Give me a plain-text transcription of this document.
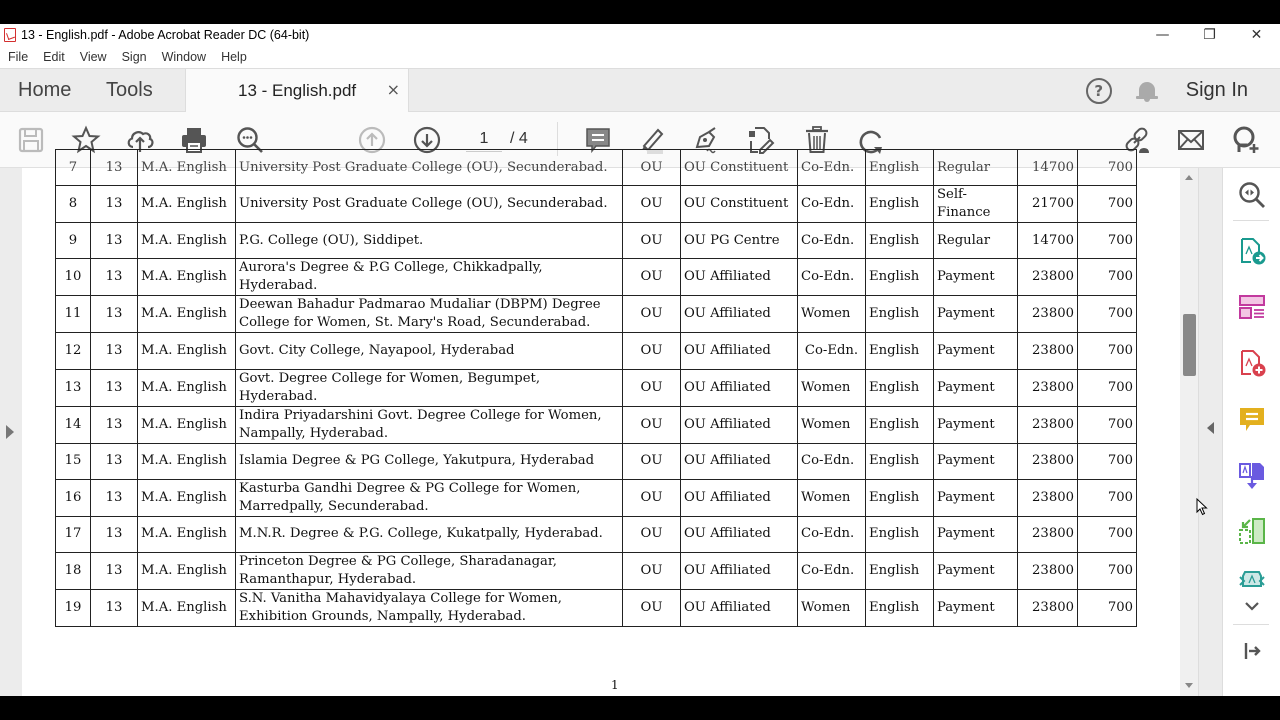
13 - English.pdf - Adobe Acrobat Reader DC (64-bit)	—	❐	✕
File	Edit	View	Sign	Window	Help
Home Tools	13 - English.pdf ×	?	Sign In
1	/ 4
7	13	M.A. English	University Post Graduate College (OU), Secunderabad.	OU	OU Constituent	Co-Edn.	English	Regular	14700	700
8	13	M.A. English	University Post Graduate College (OU), Secunderabad.	OU	OU Constituent	Co-Edn.	English	Self-Finance	21700	700
9	13	M.A. English	P.G. College (OU), Siddipet.	OU	OU PG Centre	Co-Edn.	English	Regular	14700	700
10	13	M.A. English	Aurora's Degree & P.G College, Chikkadpally, Hyderabad.	OU	OU Affiliated	Co-Edn.	English	Payment	23800	700
11	13	M.A. English	Deewan Bahadur Padmarao Mudaliar (DBPM) Degree College for Women, St. Mary's Road, Secunderabad.	OU	OU Affiliated	Women	English	Payment	23800	700
12	13	M.A. English	Govt. City College, Nayapool, Hyderabad	OU	OU Affiliated	Co-Edn.	English	Payment	23800	700
13	13	M.A. English	Govt. Degree College for Women, Begumpet, Hyderabad.	OU	OU Affiliated	Women	English	Payment	23800	700
14	13	M.A. English	Indira Priyadarshini Govt. Degree College for Women, Nampally, Hyderabad.	OU	OU Affiliated	Women	English	Payment	23800	700
15	13	M.A. English	Islamia Degree & PG College, Yakutpura, Hyderabad	OU	OU Affiliated	Co-Edn.	English	Payment	23800	700
16	13	M.A. English	Kasturba Gandhi Degree & PG College for Women, Marredpally, Secunderabad.	OU	OU Affiliated	Women	English	Payment	23800	700
17	13	M.A. English	M.N.R. Degree & P.G. College, Kukatpally, Hyderabad.	OU	OU Affiliated	Co-Edn.	English	Payment	23800	700
18	13	M.A. English	Princeton Degree & PG College, Sharadanagar, Ramanthapur, Hyderabad.	OU	OU Affiliated	Co-Edn.	English	Payment	23800	700
19	13	M.A. English	S.N. Vanitha Mahavidyalaya College for Women, Exhibition Grounds, Nampally, Hyderabad.	OU	OU Affiliated	Women	English	Payment	23800	700
1
